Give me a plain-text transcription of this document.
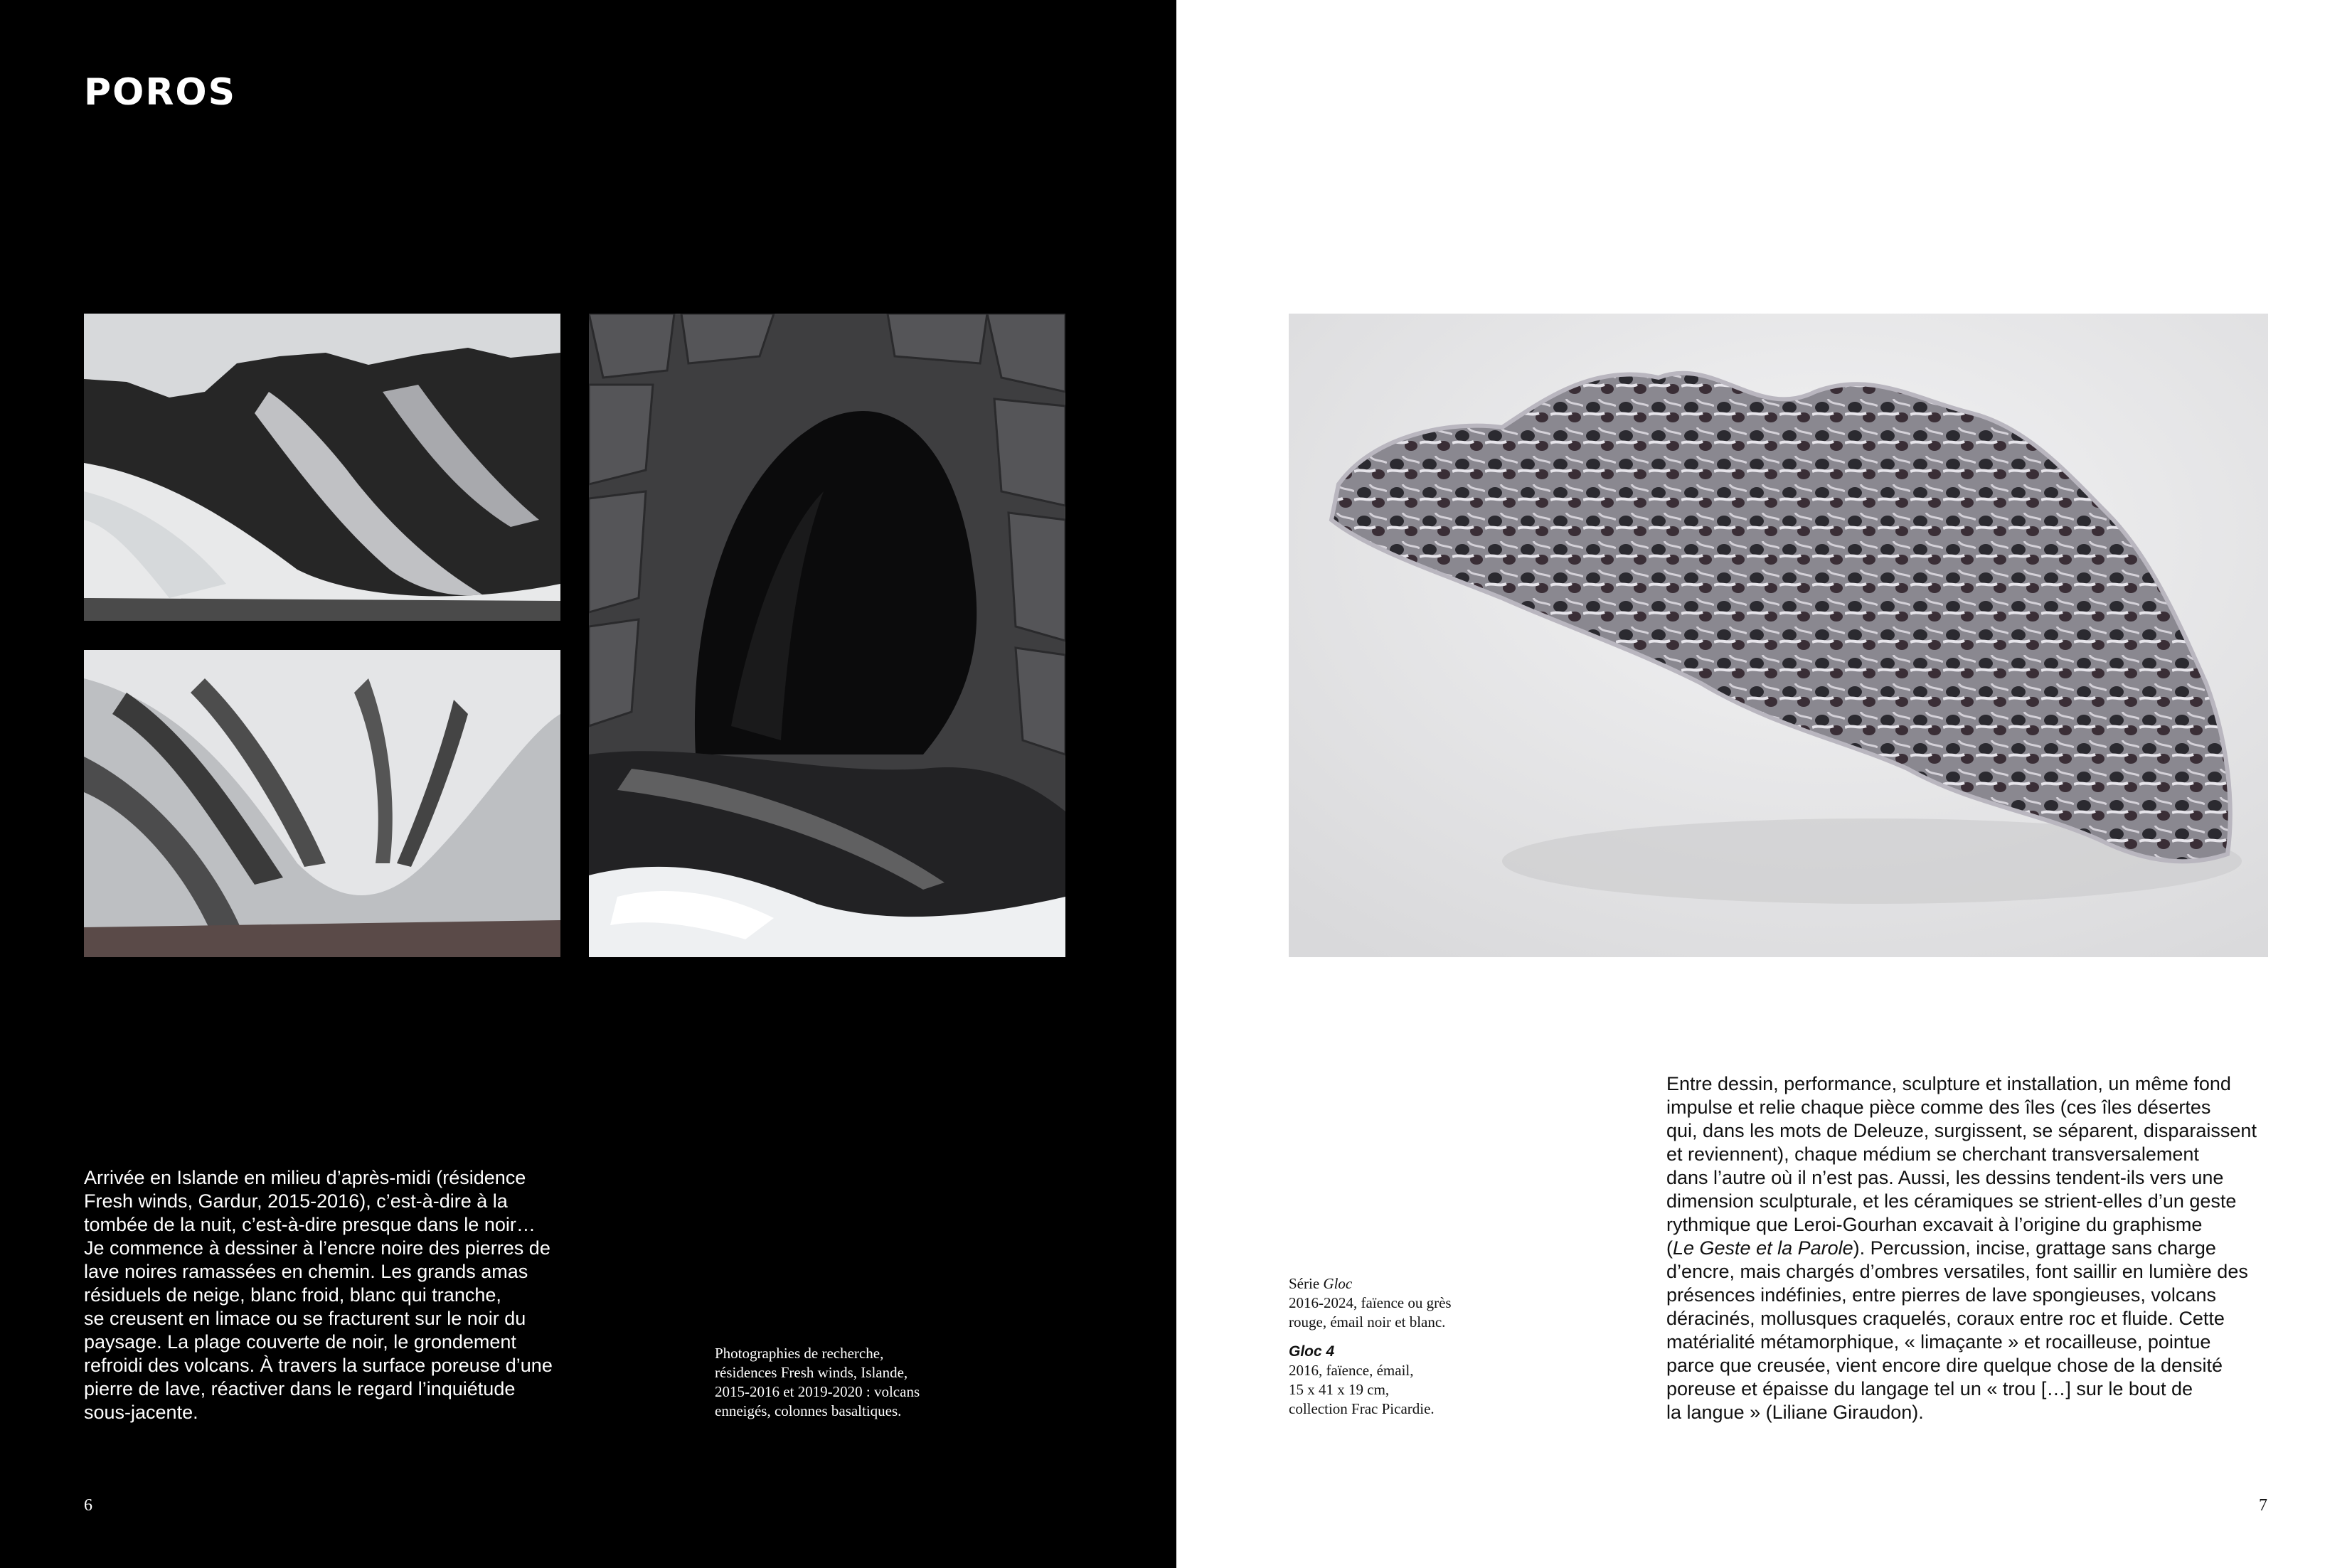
POROS

Arrivée en Islande en milieu d’après-midi (résidence
Fresh winds, Gardur, 2015-2016), c’est-à-dire à la
tombée de la nuit, c’est-à-dire presque dans le noir…
Je commence à dessiner à l’encre noire des pierres de
lave noires ramassées en chemin. Les grands amas
résiduels de neige, blanc froid, blanc qui tranche,
se creusent en limace ou se fracturent sur le noir du
paysage. La plage couverte de noir, le grondement
refroidi des volcans. À travers la surface poreuse d’une
pierre de lave, réactiver dans le regard l’inquiétude
sous-jacente.

Photographies de recherche,
résidences Fresh winds, Islande,
2015-2016 et 2019-2020 : volcans
enneigés, colonnes basaltiques.

6

Série Gloc
2016-2024, faïence ou grès
rouge, émail noir et blanc.
Gloc 4
2016, faïence, émail,
15 x 41 x 19 cm,
collection Frac Picardie.

Entre dessin, performance, sculpture et installation, un même fond
impulse et relie chaque pièce comme des îles (ces îles désertes
qui, dans les mots de Deleuze, surgissent, se séparent, disparaissent
et reviennent), chaque médium se cherchant transversalement
dans l’autre où il n’est pas. Aussi, les dessins tendent-ils vers une
dimension sculpturale, et les céramiques se strient-elles d’un geste
rythmique que Leroi-Gourhan excavait à l’origine du graphisme
(Le Geste et la Parole). Percussion, incise, grattage sans charge
d’encre, mais chargés d’ombres versatiles, font saillir en lumière des
présences indéfinies, entre pierres de lave spongieuses, volcans
déracinés, mollusques craquelés, coraux entre roc et fluide. Cette
matérialité métamorphique, « limaçante » et rocailleuse, pointue
parce que creusée, vient encore dire quelque chose de la densité
poreuse et épaisse du langage tel un « trou […] sur le bout de
la langue » (Liliane Giraudon).

7
